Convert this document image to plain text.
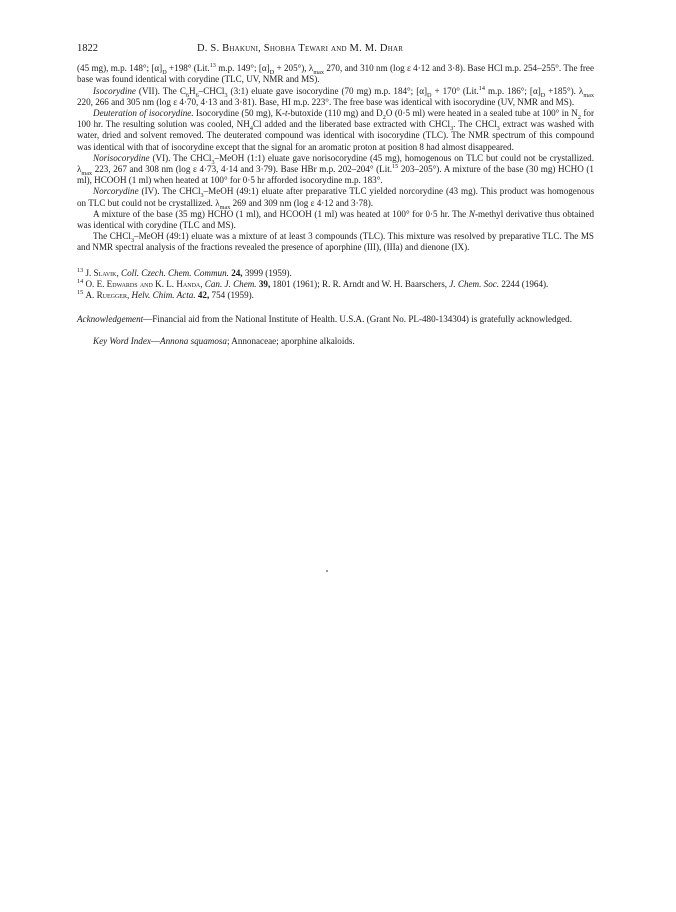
1822	D. S. Bhakuni, Shobha Tewari and M. M. Dhar

(45 mg), m.p. 148°; $[\alpha]_D +198^\circ$ (Lit.$^{13}$ m.p. 149°; $[\alpha]_D + 205^\circ$), $\lambda_{max}$ 270, and 310 nm (log ε 4·12 and 3·8). Base HCl m.p. 254–255°. The free base was found identical with corydine (TLC, UV, NMR and MS).

Isocorydine (VII). The $C_6H_6-CHCl_3$ (3:1) eluate gave isocorydine (70 mg) m.p. 184°; $[\alpha]_D + 170^\circ$ (Lit.$^{14}$ m.p. 186°; $[\alpha]_D +185^\circ$). $\lambda_{max}$ 220, 266 and 305 nm (log ε 4·70, 4·13 and 3·81). Base, HI m.p. 223°. The free base was identical with isocorydine (UV, NMR and MS).

Deuteration of isocorydine. Isocorydine (50 mg), K-t-butoxide (110 mg) and $D_2O$ (0·5 ml) were heated in a sealed tube at 100° in $N_2$ for 100 hr. The resulting solution was cooled, $NH_4Cl$ added and the liberated base extracted with CHCl$_3$. The CHCl$_3$ extract was washed with water, dried and solvent removed. The deuterated compound was identical with isocorydine (TLC). The NMR spectrum of this compound was identical with that of isocorydine except that the signal for an aromatic proton at position 8 had almost disappeared.

Norisocorydine (VI). The CHCl$_3$–MeOH (1:1) eluate gave norisocorydine (45 mg), homogenous on TLC but could not be crystallized. $\lambda_{max}$ 223, 267 and 308 nm (log ε 4·73, 4·14 and 3·79). Base HBr m.p. 202–204° (Lit.$^{15}$ 203–205°). A mixture of the base (30 mg) HCHO (1 ml), HCOOH (1 ml) when heated at 100° for 0·5 hr afforded isocorydine m.p. 183°.

Norcorydine (IV). The CHCl$_3$–MeOH (49:1) eluate after preparative TLC yielded norcorydine (43 mg). This product was homogenous on TLC but could not be crystallized. $\lambda_{max}$ 269 and 309 nm (log ε 4·12 and 3·78).

A mixture of the base (35 mg) HCHO (1 ml), and HCOOH (1 ml) was heated at 100° for 0·5 hr. The N-methyl derivative thus obtained was identical with corydine (TLC and MS).

The CHCl$_3$–MeOH (49:1) eluate was a mixture of at least 3 compounds (TLC). This mixture was resolved by preparative TLC. The MS and NMR spectral analysis of the fractions revealed the presence of aporphine (III), (IIIa) and dienone (IX).

$^{13}$ J. Slavik, Coll. Czech. Chem. Commun. 24, 3999 (1959).

$^{14}$ O. E. Edwards and K. L. Handa, Can. J. Chem. 39, 1801 (1961); R. R. Arndt and W. H. Baarschers, J. Chem. Soc. 2244 (1964).

$^{15}$ A. Ruegger, Helv. Chim. Acta. 42, 754 (1959).

Acknowledgement—Financial aid from the National Institute of Health. U.S.A. (Grant No. PL-480-134304) is gratefully acknowledged.

Key Word Index—Annona squamosa; Annonaceae; aporphine alkaloids.
